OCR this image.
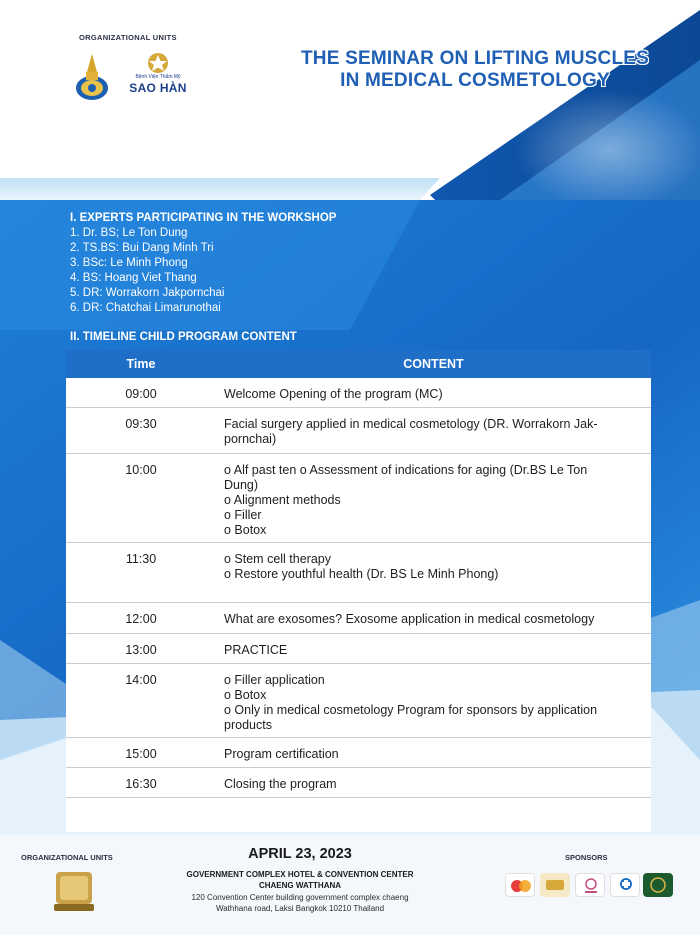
ORGANIZATIONAL UNITS
Bệnh Viện Thẩm Mỹ
SAO HÀN
THE SEMINAR ON LIFTING MUSCLES
IN MEDICAL COSMETOLOGY
I. EXPERTS PARTICIPATING IN THE WORKSHOP
1. Dr. BS; Le Ton Dung
2. TS.BS: Bui Dang Minh Tri
3. BSc: Le Minh Phong
4. BS: Hoang Viet Thang
5. DR: Worrakorn Jakpornchai
6. DR: Chatchai Limarunothai
II. TIMELINE CHILD PROGRAM CONTENT
Time	CONTENT
09:00	Welcome Opening of the program (MC)
09:30	Facial surgery applied in medical cosmetology (DR. Worrakorn Jak-
pornchai)
10:00	o Alf past ten o Assessment of indications for aging (Dr.BS Le Ton
Dung)
o Alignment methods
o Filler
o Botox
11:30	o Stem cell therapy
o Restore youthful health (Dr. BS Le Minh Phong)
12:00	What are exosomes? Exosome application in medical cosmetology
13:00	PRACTICE
14:00	o Filler application
o Botox
o Only in medical cosmetology Program for sponsors by application
products
15:00	Program certification
16:30	Closing the program
ORGANIZATIONAL UNITS	APRIL 23, 2023
GOVERNMENT COMPLEX HOTEL & CONVENTION CENTER
CHAENG WATTHANA
120 Convention Center building government complex chaeng
Wathhana road, Laksi Bangkok 10210 Thailand
SPONSORS
